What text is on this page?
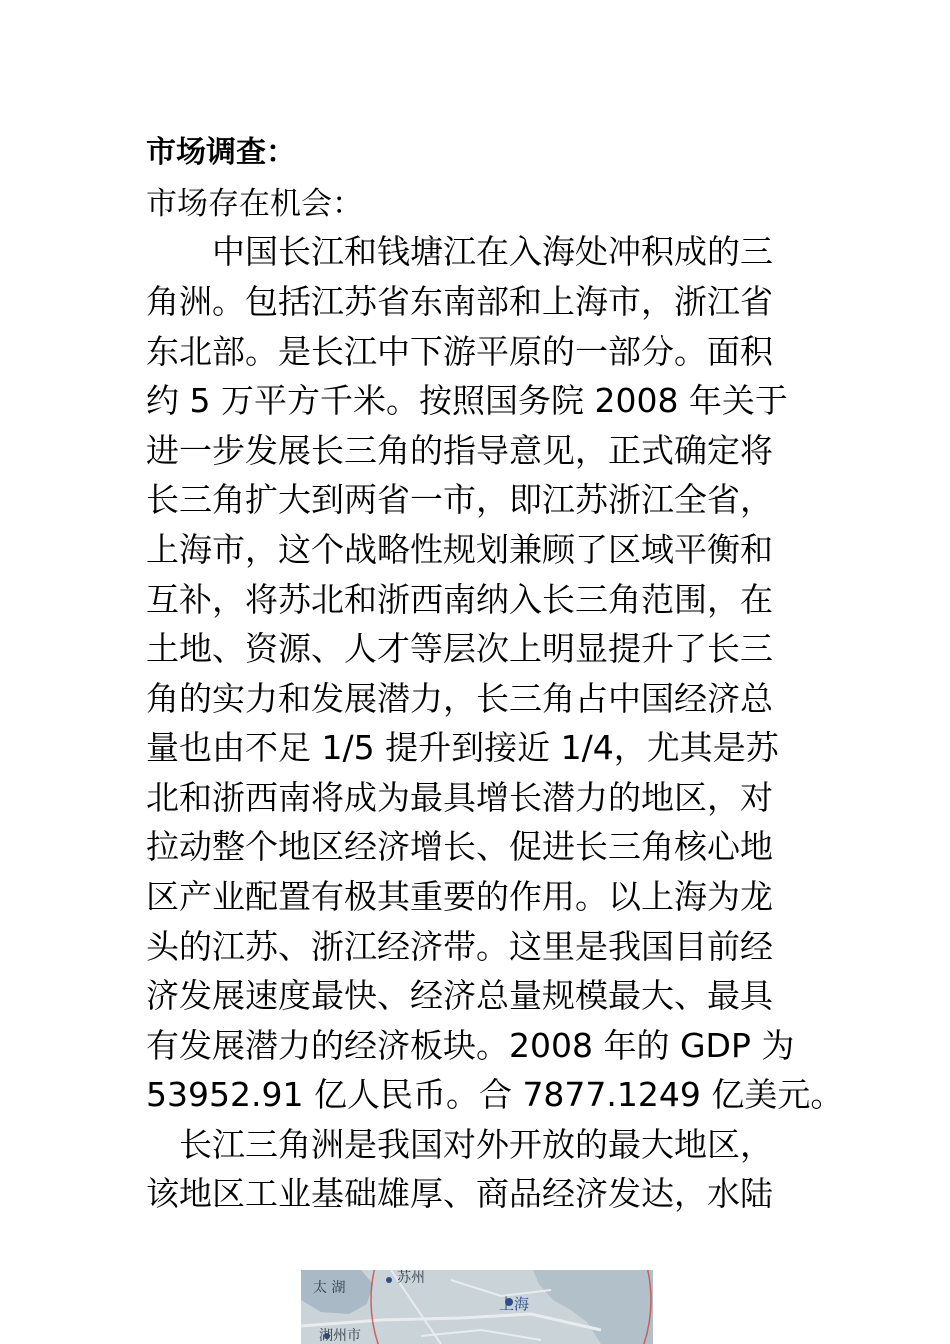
市场调查：
市场存在机会：
　　中国长江和钱塘江在入海处冲积成的三
角洲。包括江苏省东南部和上海市，浙江省
东北部。是长江中下游平原的一部分。面积
约 5 万平方千米。按照国务院 2008 年关于
进一步发展长三角的指导意见，正式确定将
长三角扩大到两省一市，即江苏浙江全省，
上海市，这个战略性规划兼顾了区域平衡和
互补，将苏北和浙西南纳入长三角范围，在
土地、资源、人才等层次上明显提升了长三
角的实力和发展潜力，长三角占中国经济总
量也由不足 1/5 提升到接近 1/4，尤其是苏
北和浙西南将成为最具增长潜力的地区，对
拉动整个地区经济增长、促进长三角核心地
区产业配置有极其重要的作用。以上海为龙
头的江苏、浙江经济带。这里是我国目前经
济发展速度最快、经济总量规模最大、最具
有发展潜力的经济板块。2008 年的 GDP 为
53952.91 亿人民币。合 7877.1249 亿美元。
　长江三角洲是我国对外开放的最大地区，
该地区工业基础雄厚、商品经济发达，水陆
太 湖
苏州
上海
湖州市
